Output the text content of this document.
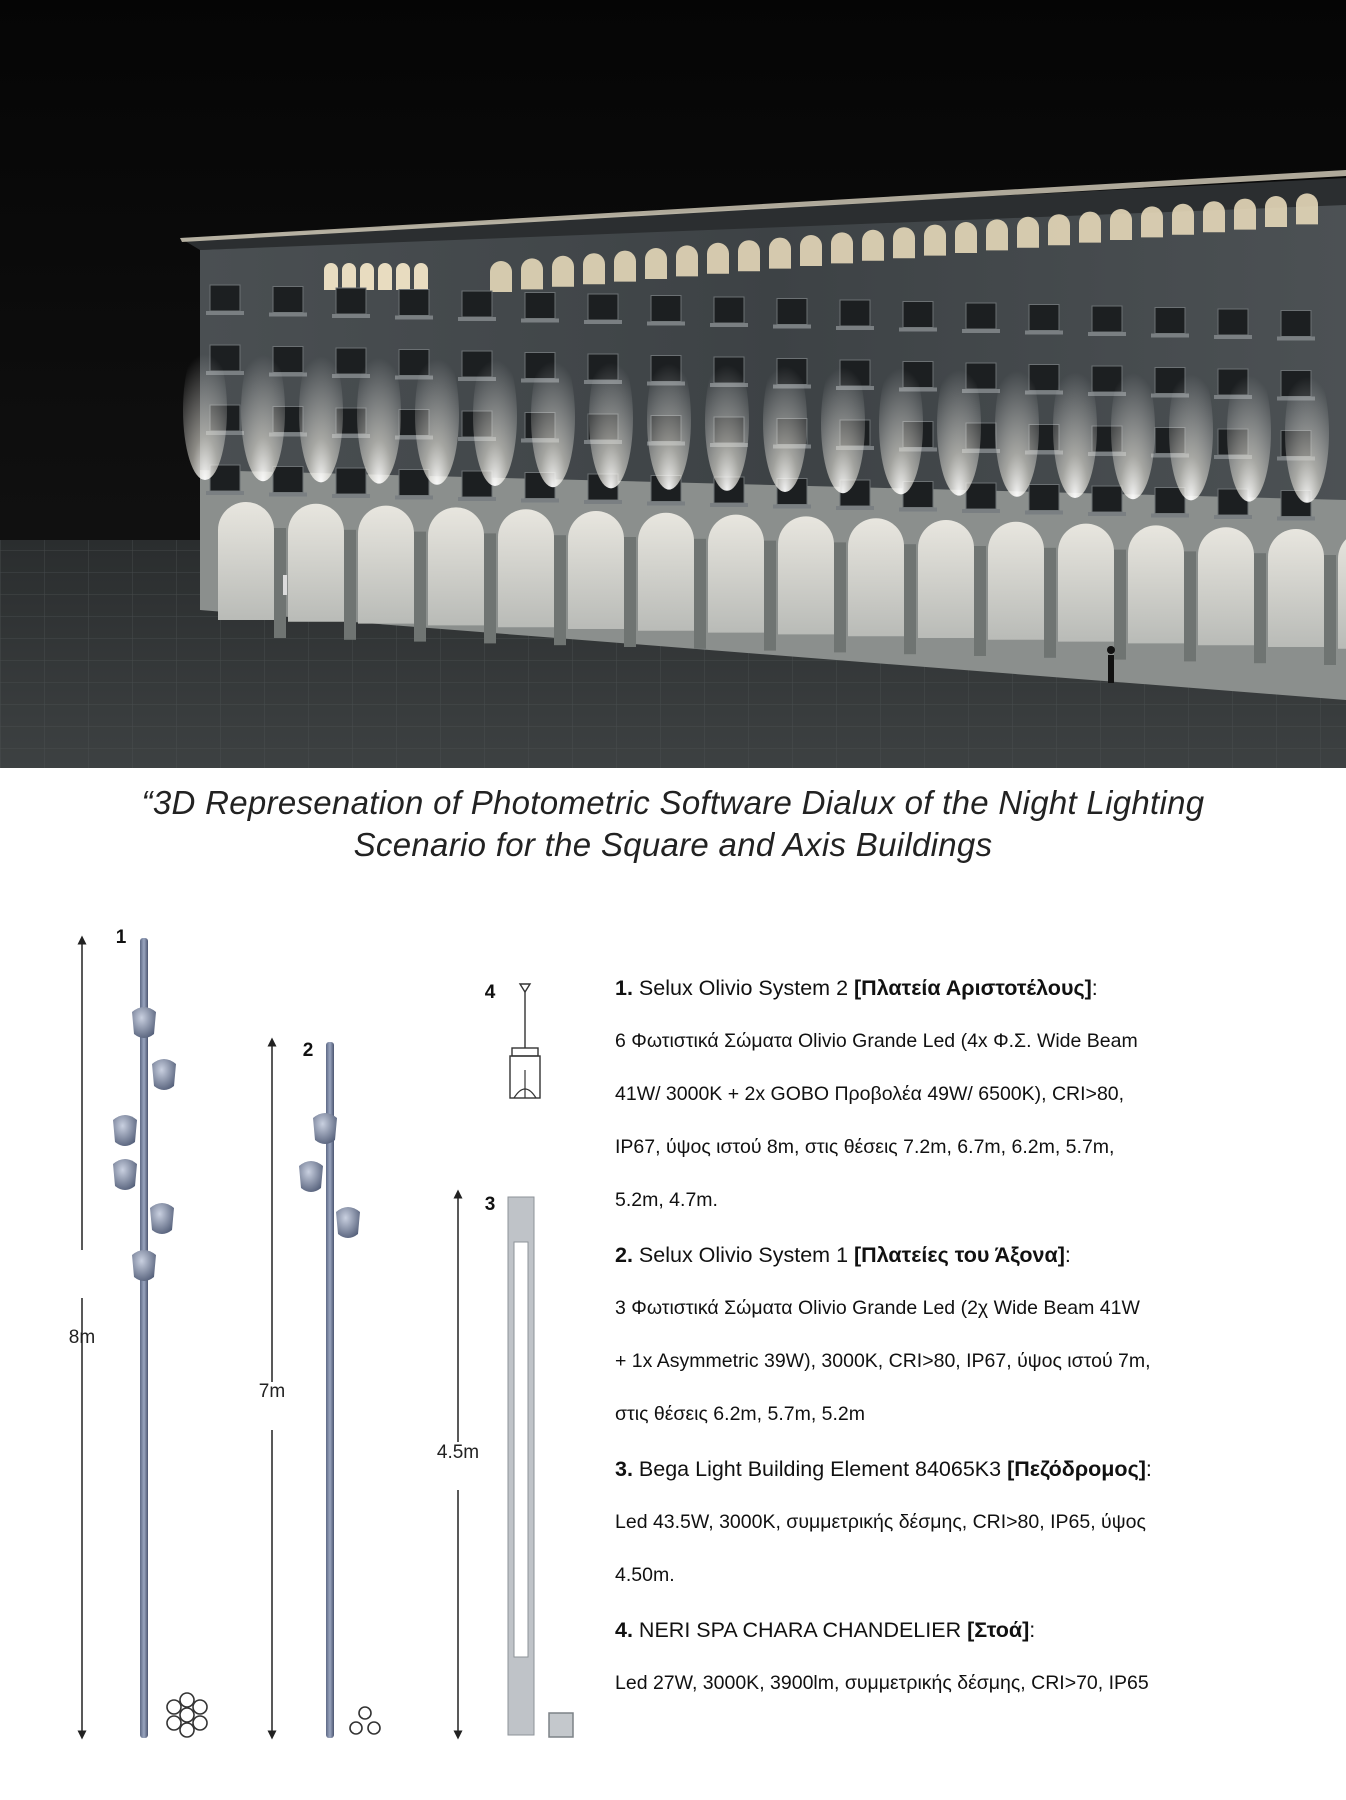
“3D Represenation of Photometric Software Dialux of the Night Lighting
Scenario for the Square and Axis Buildings
8m
1
7m
2
4.5m
3
4	1. Selux Olivio System 2 [Πλατεία Αριστοτέλους]:
6 Φωτιστικά Σώματα Olivio Grande Led (4x Φ.Σ. Wide Beam
41W/ 3000K + 2x GOBO Προβολέα 49W/ 6500K), CRI>80,
IP67, ύψος ιστού 8m, στις θέσεις 7.2m, 6.7m, 6.2m, 5.7m,
5.2m, 4.7m.
2. Selux Olivio System 1 [Πλατείες του Άξονα]:
3 Φωτιστικά Σώματα Olivio Grande Led (2χ Wide Beam 41W
+ 1x Asymmetric 39W), 3000K, CRI>80, IP67, ύψος ιστού 7m,
στις θέσεις 6.2m, 5.7m, 5.2m
3. Bega Light Building Element 84065K3 [Πεζόδρομος]:
Led 43.5W, 3000K, συμμετρικής δέσμης, CRI>80, IP65, ύψος
4.50m.
4. NERI SPA CHARA CHANDELIER [Στοά]:
Led 27W, 3000K, 3900lm, συμμετρικής δέσμης, CRI>70, IP65
